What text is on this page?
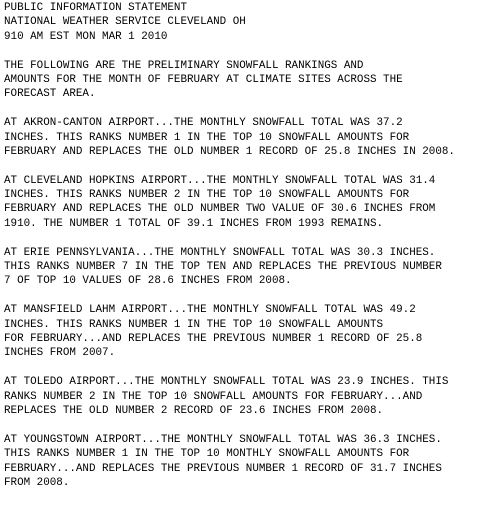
PUBLIC INFORMATION STATEMENT
NATIONAL WEATHER SERVICE CLEVELAND OH
910 AM EST MON MAR 1 2010
THE FOLLOWING ARE THE PRELIMINARY SNOWFALL RANKINGS AND
AMOUNTS FOR THE MONTH OF FEBRUARY AT CLIMATE SITES ACROSS THE
FORECAST AREA.
AT AKRON-CANTON AIRPORT...THE MONTHLY SNOWFALL TOTAL WAS 37.2
INCHES. THIS RANKS NUMBER 1 IN THE TOP 10 SNOWFALL AMOUNTS FOR
FEBRUARY AND REPLACES THE OLD NUMBER 1 RECORD OF 25.8 INCHES IN 2008.
AT CLEVELAND HOPKINS AIRPORT...THE MONTHLY SNOWFALL TOTAL WAS 31.4
INCHES. THIS RANKS NUMBER 2 IN THE TOP 10 SNOWFALL AMOUNTS FOR
FEBRUARY AND REPLACES THE OLD NUMBER TWO VALUE OF 30.6 INCHES FROM
1910. THE NUMBER 1 TOTAL OF 39.1 INCHES FROM 1993 REMAINS.
AT ERIE PENNSYLVANIA...THE MONTHLY SNOWFALL TOTAL WAS 30.3 INCHES.
THIS RANKS NUMBER 7 IN THE TOP TEN AND REPLACES THE PREVIOUS NUMBER
7 OF TOP 10 VALUES OF 28.6 INCHES FROM 2008.
AT MANSFIELD LAHM AIRPORT...THE MONTHLY SNOWFALL TOTAL WAS 49.2
INCHES. THIS RANKS NUMBER 1 IN THE TOP 10 SNOWFALL AMOUNTS
FOR FEBRUARY...AND REPLACES THE PREVIOUS NUMBER 1 RECORD OF 25.8
INCHES FROM 2007.
AT TOLEDO AIRPORT...THE MONTHLY SNOWFALL TOTAL WAS 23.9 INCHES. THIS
RANKS NUMBER 2 IN THE TOP 10 SNOWFALL AMOUNTS FOR FEBRUARY...AND
REPLACES THE OLD NUMBER 2 RECORD OF 23.6 INCHES FROM 2008.
AT YOUNGSTOWN AIRPORT...THE MONTHLY SNOWFALL TOTAL WAS 36.3 INCHES.
THIS RANKS NUMBER 1 IN THE TOP 10 MONTHLY SNOWFALL AMOUNTS FOR
FEBRUARY...AND REPLACES THE PREVIOUS NUMBER 1 RECORD OF 31.7 INCHES
FROM 2008.
